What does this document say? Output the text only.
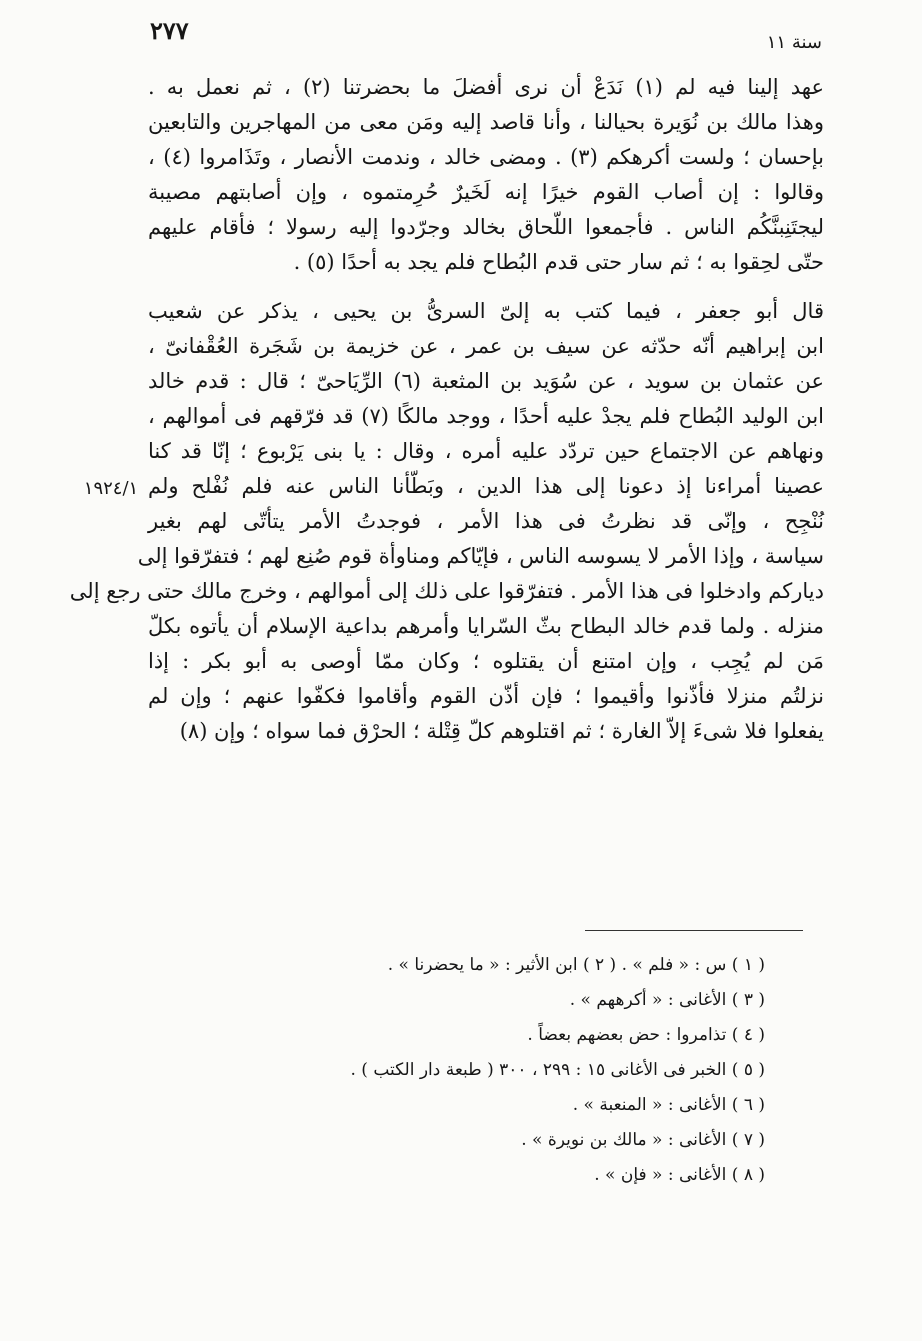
٢٧٧	سنة ١١
عهد إلينا فيه لم (١) نَدَعْ أن نرى أفضلَ ما بحضرتنا (٢) ، ثم نعمل به .
وهذا مالك بن نُوَيرة بحيالنا ، وأنا قاصد إليه ومَن معى من المهاجرين والتابعين
بإحسان ؛ ولست أكرهكم (٣) . ومضى خالد ، وندمت الأنصار ، وتَذَامروا (٤) ،
وقالوا : إن أصاب القوم خيرًا إنه لَخَيرٌ حُرِمتموه ، وإن أصابتهم مصيبة
ليجتَنِبنَّكُم الناس . فأجمعوا اللّحاق بخالد وجرّدوا إليه رسولا ؛ فأقام عليهم
حتّى لحِقوا به ؛ ثم سار حتى قدم البُطاح فلم يجد به أحدًا (٥) .
قال أبو جعفر ، فيما كتب به إلىّ السرىُّ بن يحيى ، يذكر عن شعيب
ابن إبراهيم أنّه حدّثه عن سيف بن عمر ، عن خزيمة بن شَجَرة العُقْفانىّ ،
عن عثمان بن سويد ، عن سُوَيد بن المثعبة (٦) الرِّيَاحىّ ؛ قال : قدم خالد
ابن الوليد البُطاح فلم يجدْ عليه أحدًا ، ووجد مالكًا (٧) قد فرّقهم فى أموالهم ،
ونهاهم عن الاجتماع حين تردّد عليه أمره ، وقال : يا بنى يَرْبوع ؛ إنّا قد كنا
عصينا أمراءنا إذ دعونا إلى هذا الدين ، وبَطّأنا الناس عنه فلم نُفْلح ولم
نُنْجِح ، وإنّى قد نظرتُ فى هذا الأمر ، فوجدتُ الأمر يتأتّى لهم بغير
سياسة ، وإذا الأمر لا يسوسه الناس ، فإيّاكم ومناوأة قوم صُنِع لهم ؛ فتفرّقوا إلى
دياركم وادخلوا فى هذا الأمر . فتفرّقوا على ذلك إلى أموالهم ، وخرج مالك حتى رجع إلى
منزله . ولما قدم خالد البطاح بثّ السّرايا وأمرهم بداعية الإسلام أن يأتوه بكلّ
مَن لم يُجِب ، وإن امتنع أن يقتلوه ؛ وكان ممّا أوصى به أبو بكر : إذا
نزلتُم منزلا فأذّنوا وأقيموا ؛ فإن أذّن القوم وأقاموا فكفّوا عنهم ؛ وإن لم
يفعلوا فلا شىءَ إلاّ الغارة ؛ ثم اقتلوهم كلّ قِتْلة ؛ الحرْق فما سواه ؛ وإن (٨)
١٩٢٤/١
( ١ ) س : « فلم » . ( ٢ ) ابن الأثير : « ما يحضرنا » .
( ٣ ) الأغانى : « أكرههم » .
( ٤ ) تذامروا : حض بعضهم بعضاً .
( ٥ ) الخبر فى الأغانى ١٥ : ٢٩٩ ، ٣٠٠ ( طبعة دار الكتب ) .
( ٦ ) الأغانى : « المنعبة » .
( ٧ ) الأغانى : « مالك بن نويرة » .
( ٨ ) الأغانى : « فإن » .
